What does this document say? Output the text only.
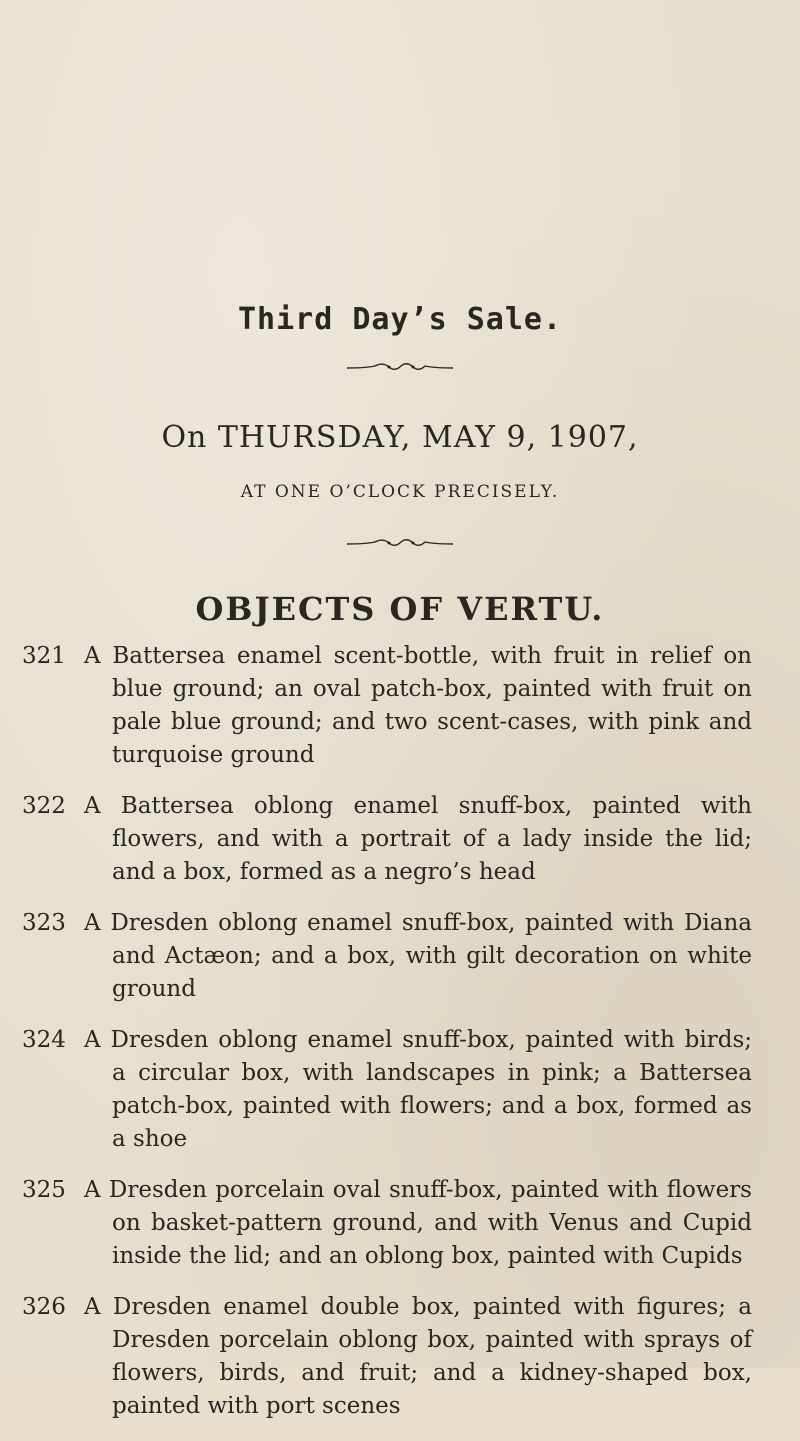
Third Day’s Sale.

On THURSDAY, MAY 9, 1907,

AT ONE O’CLOCK PRECISELY.

OBJECTS OF VERTU.
321 A Battersea enamel scent-bottle, with fruit in relief on blue ground; an oval patch-box, painted with fruit on pale blue ground; and two scent-cases, with pink and turquoise ground
322 A Battersea oblong enamel snuff-box, painted with flowers, and with a portrait of a lady inside the lid; and a box, formed as a negro’s head
323 A Dresden oblong enamel snuff-box, painted with Diana and Actæon; and a box, with gilt decoration on white ground
324 A Dresden oblong enamel snuff-box, painted with birds; a circular box, with landscapes in pink; a Battersea patch-box, painted with flowers; and a box, formed as a shoe
325 A Dresden porcelain oval snuff-box, painted with flowers on basket-pattern ground, and with Venus and Cupid inside the lid; and an oblong box, painted with Cupids
326 A Dresden enamel double box, painted with figures; a Dresden porcelain oblong box, painted with sprays of flowers, birds, and fruit; and a kidney-shaped box, painted with port scenes
